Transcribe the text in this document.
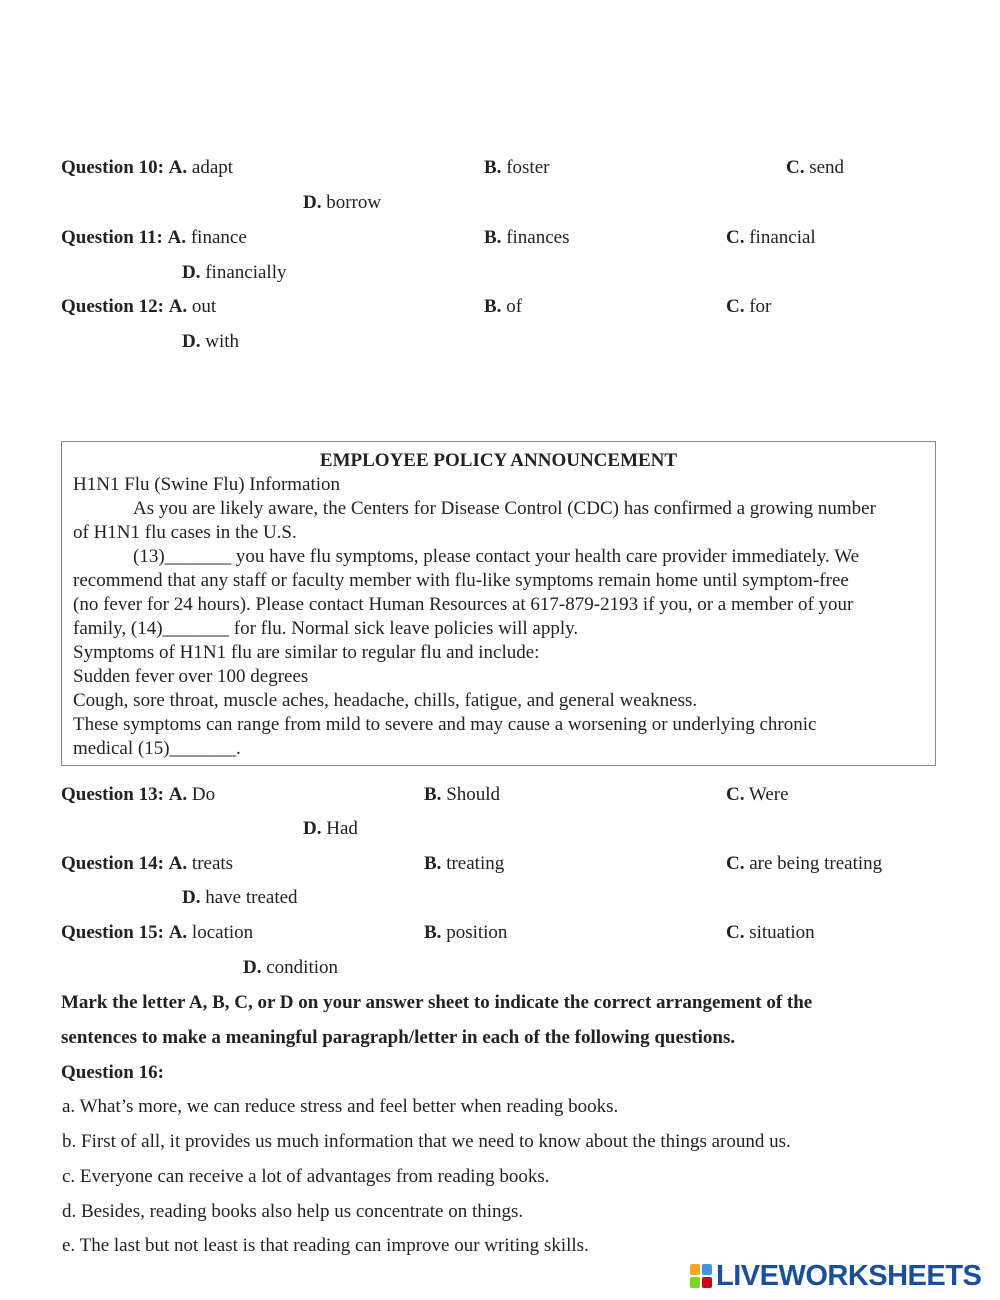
Question 10: A. adapt	B. foster	C. send
D. borrow
Question 11: A. finance	B. finances	C. financial
D. financially
Question 12: A. out	B. of	C. for
D. with
EMPLOYEE POLICY ANNOUNCEMENT
H1N1 Flu (Swine Flu) Information
As you are likely aware, the Centers for Disease Control (CDC) has confirmed a growing number
of H1N1 flu cases in the U.S.
(13)_______ you have flu symptoms, please contact your health care provider immediately. We
recommend that any staff or faculty member with flu-like symptoms remain home until symptom-free
(no fever for 24 hours). Please contact Human Resources at 617-879-2193 if you, or a member of your
family, (14)_______ for flu. Normal sick leave policies will apply.
Symptoms of H1N1 flu are similar to regular flu and include:
Sudden fever over 100 degrees
Cough, sore throat, muscle aches, headache, chills, fatigue, and general weakness.
These symptoms can range from mild to severe and may cause a worsening or underlying chronic
medical (15)_______.
Question 13: A. Do	B. Should	C. Were
D. Had
Question 14: A. treats	B. treating	C. are being treating
D. have treated
Question 15: A. location	B. position	C. situation
D. condition
Mark the letter A, B, C, or D on your answer sheet to indicate the correct arrangement of the
sentences to make a meaningful paragraph/letter in each of the following questions.
Question 16:
a. What’s more, we can reduce stress and feel better when reading books.
b. First of all, it provides us much information that we need to know about the things around us.
c. Everyone can receive a lot of advantages from reading books.
d. Besides, reading books also help us concentrate on things.
e. The last but not least is that reading can improve our writing skills.
LIVEWORKSHEETS
